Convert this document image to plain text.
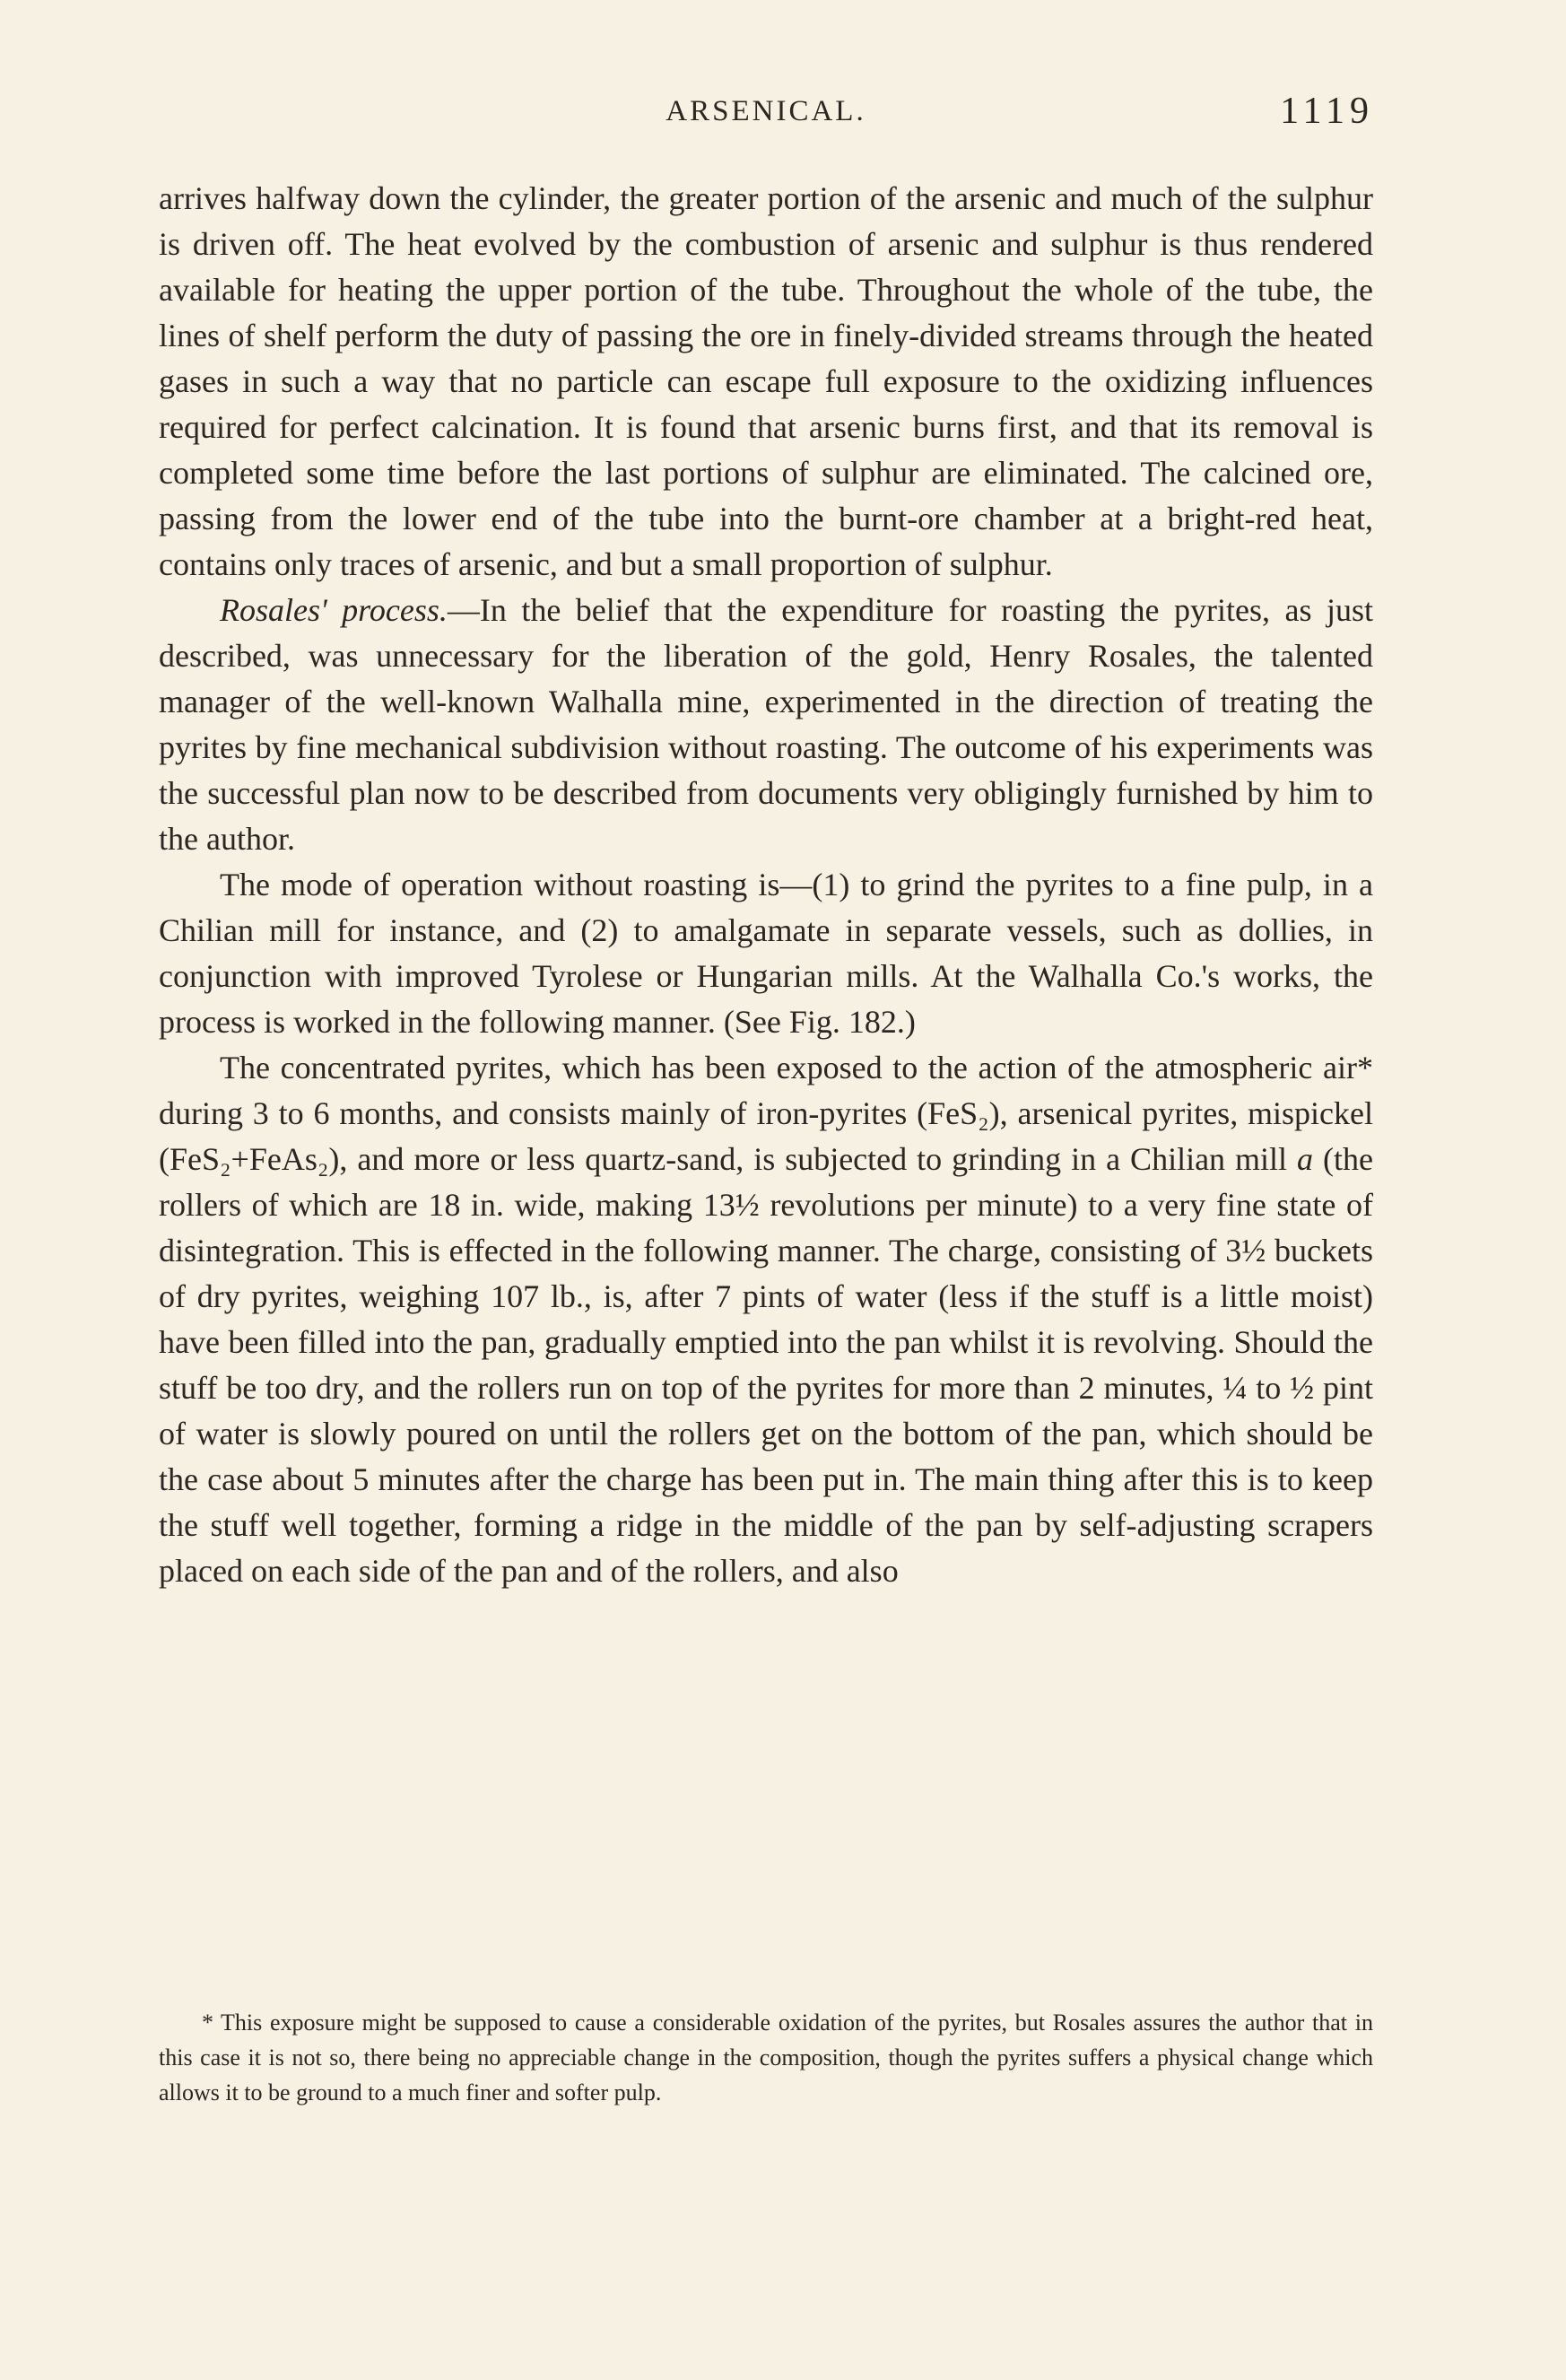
ARSENICAL.	1119

arrives halfway down the cylinder, the greater portion of the arsenic and much of the sulphur is driven off. The heat evolved by the combustion of arsenic and sulphur is thus rendered available for heating the upper portion of the tube. Throughout the whole of the tube, the lines of shelf perform the duty of passing the ore in finely-divided streams through the heated gases in such a way that no particle can escape full exposure to the oxidizing influences required for perfect calcination. It is found that arsenic burns first, and that its removal is completed some time before the last portions of sulphur are eliminated. The calcined ore, passing from the lower end of the tube into the burnt-ore chamber at a bright-red heat, contains only traces of arsenic, and but a small proportion of sulphur.

Rosales' process.—In the belief that the expenditure for roasting the pyrites, as just described, was unnecessary for the liberation of the gold, Henry Rosales, the talented manager of the well-known Walhalla mine, experimented in the direction of treating the pyrites by fine mechanical subdivision without roasting. The outcome of his experiments was the successful plan now to be described from documents very obligingly furnished by him to the author.

The mode of operation without roasting is—(1) to grind the pyrites to a fine pulp, in a Chilian mill for instance, and (2) to amalgamate in separate vessels, such as dollies, in conjunction with improved Tyrolese or Hungarian mills. At the Walhalla Co.'s works, the process is worked in the following manner. (See Fig. 182.)

The concentrated pyrites, which has been exposed to the action of the atmospheric air* during 3 to 6 months, and consists mainly of iron-pyrites (FeS₂), arsenical pyrites, mispickel (FeS₂+FeAs₂), and more or less quartz-sand, is subjected to grinding in a Chilian mill a (the rollers of which are 18 in. wide, making 13½ revolutions per minute) to a very fine state of disintegration. This is effected in the following manner. The charge, consisting of 3½ buckets of dry pyrites, weighing 107 lb., is, after 7 pints of water (less if the stuff is a little moist) have been filled into the pan, gradually emptied into the pan whilst it is revolving. Should the stuff be too dry, and the rollers run on top of the pyrites for more than 2 minutes, ¼ to ½ pint of water is slowly poured on until the rollers get on the bottom of the pan, which should be the case about 5 minutes after the charge has been put in. The main thing after this is to keep the stuff well together, forming a ridge in the middle of the pan by self-adjusting scrapers placed on each side of the pan and of the rollers, and also

* This exposure might be supposed to cause a considerable oxidation of the pyrites, but Rosales assures the author that in this case it is not so, there being no appreciable change in the composition, though the pyrites suffers a physical change which allows it to be ground to a much finer and softer pulp.
